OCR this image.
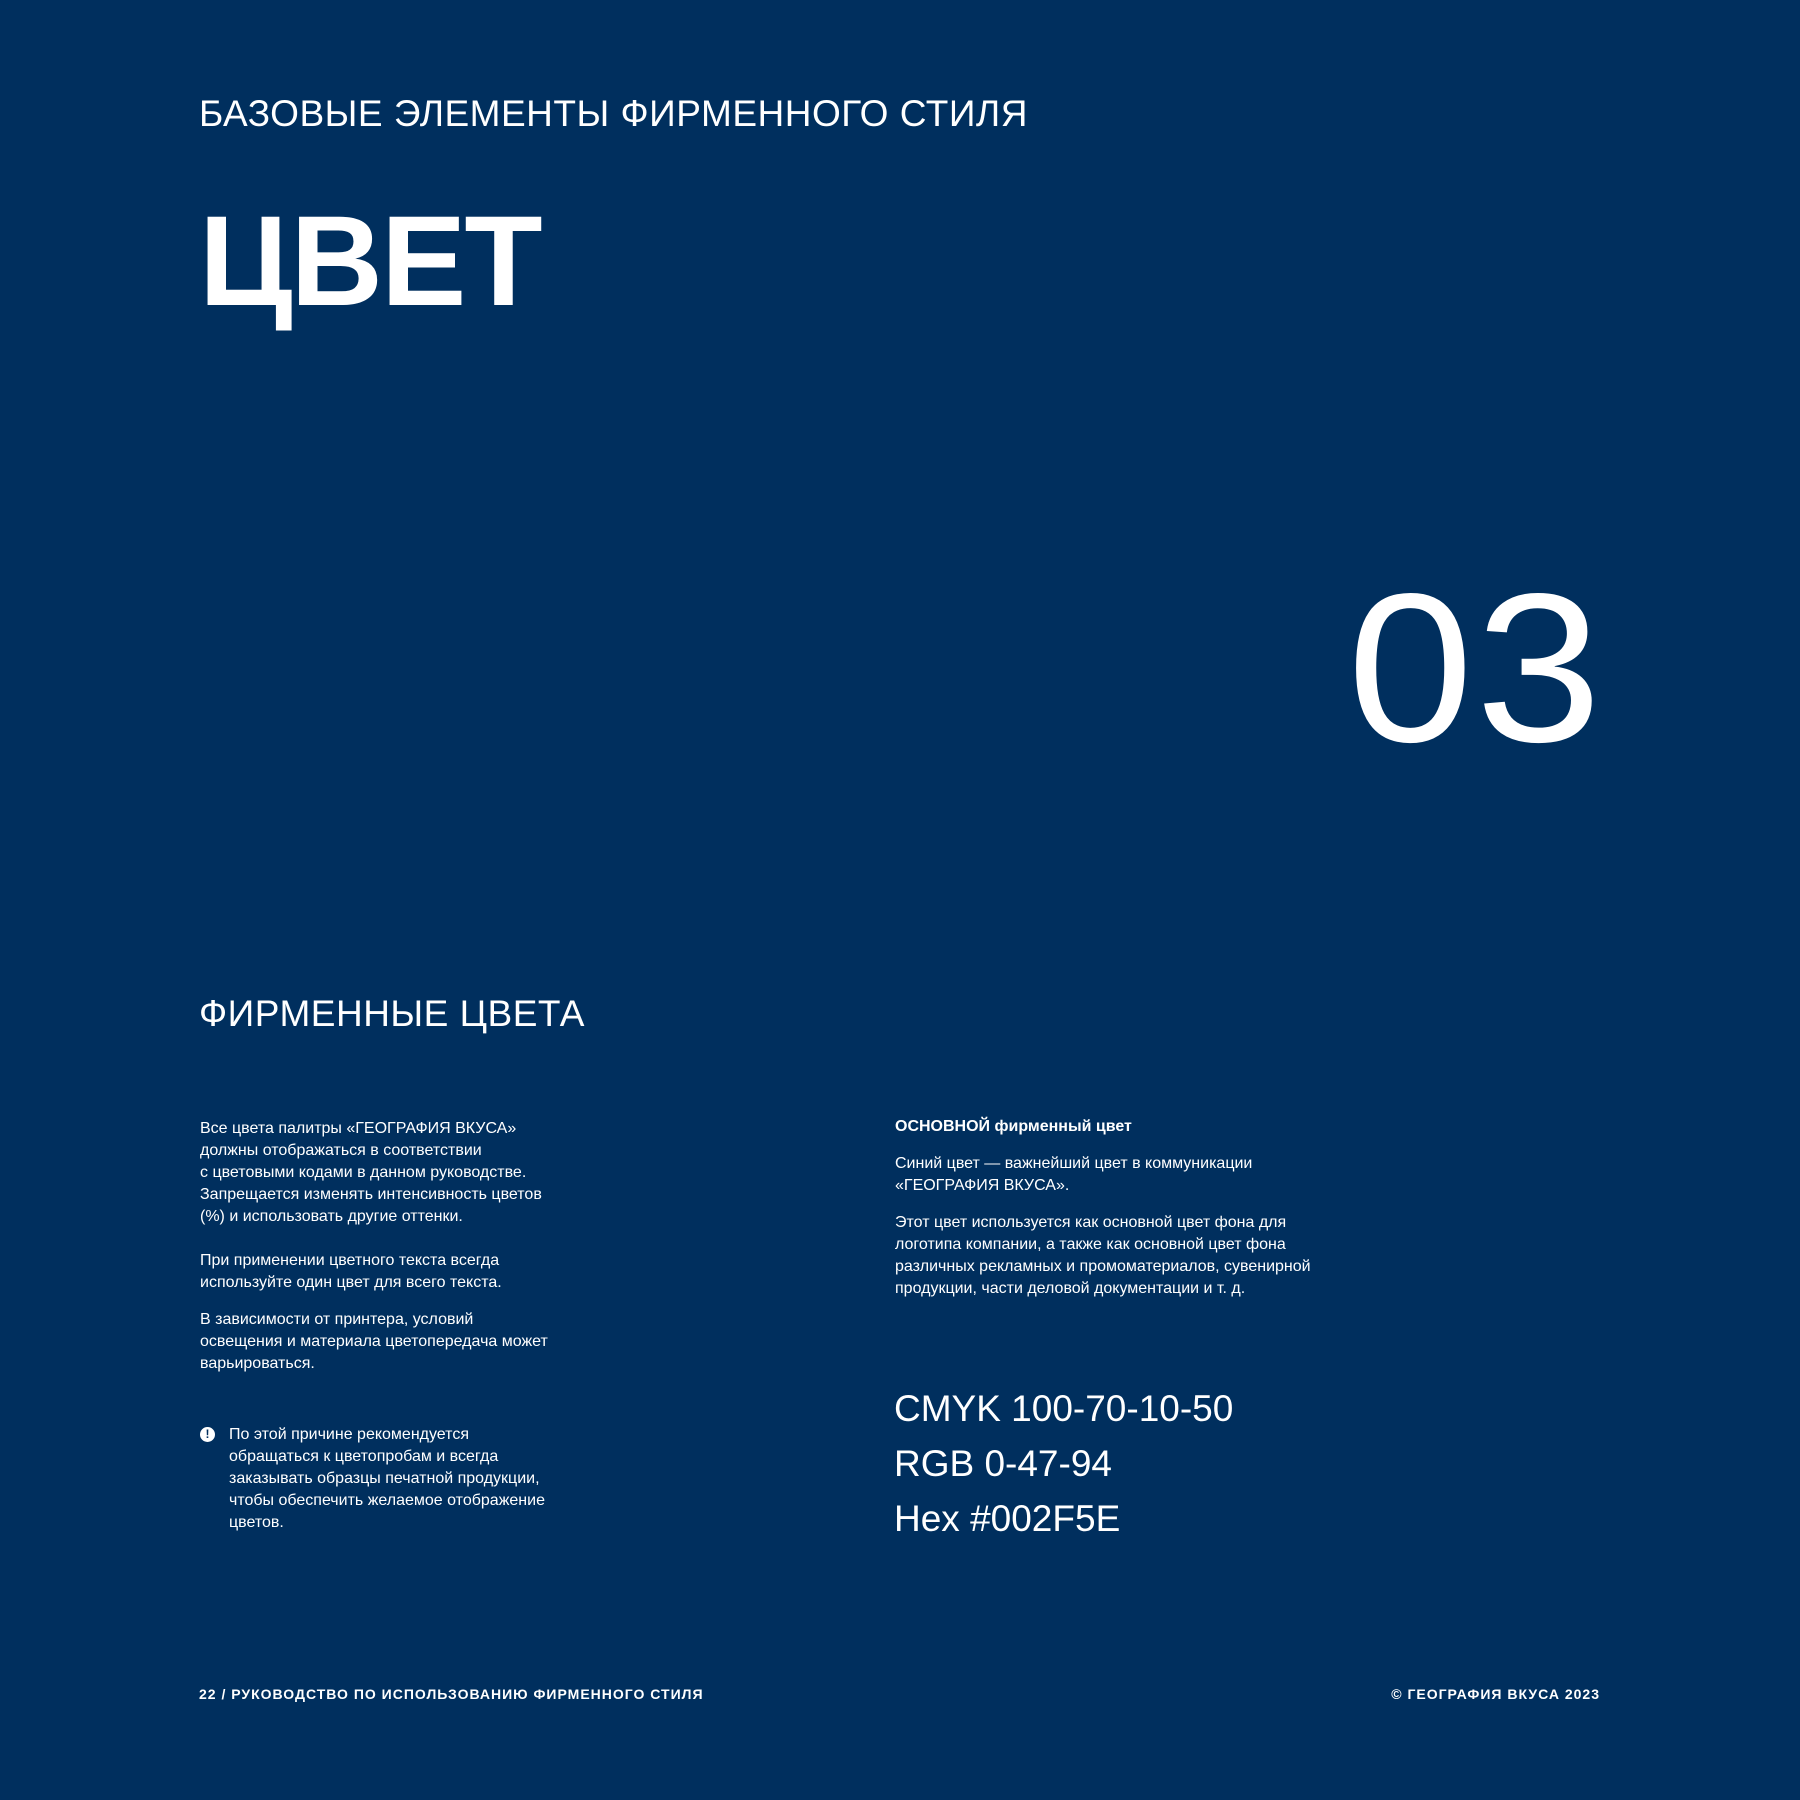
БАЗОВЫЕ ЭЛЕМЕНТЫ ФИРМЕННОГО СТИЛЯ
ЦВЕТ
03
ФИРМЕННЫЕ ЦВЕТА

Все цвета палитры «ГЕОГРАФИЯ ВКУСА»
должны отображаться в соответствии
с цветовыми кодами в данном руководстве.
Запрещается изменять интенсивность цветов
(%) и использовать другие оттенки.

При применении цветного текста всегда
используйте один цвет для всего текста.

В зависимости от принтера, условий
освещения и материала цветопередача может
варьироваться.

!	По этой причине рекомендуется
обращаться к цветопробам и всегда
заказывать образцы печатной продукции,
чтобы обеспечить желаемое отображение
цветов.
ОСНОВНОЙ фирменный цвет

Синий цвет — важнейший цвет в коммуникации
«ГЕОГРАФИЯ ВКУСА».

Этот цвет используется как основной цвет фона для
логотипа компании, а также как основной цвет фона
различных рекламных и промоматериалов, сувенирной
продукции, части деловой документации и т. д.

CMYK 100-70-10-50
RGB 0-47-94
Hex #002F5E
22 / РУКОВОДСТВО ПО ИСПОЛЬЗОВАНИЮ ФИРМЕННОГО СТИЛЯ	© ГЕОГРАФИЯ ВКУСА 2023
